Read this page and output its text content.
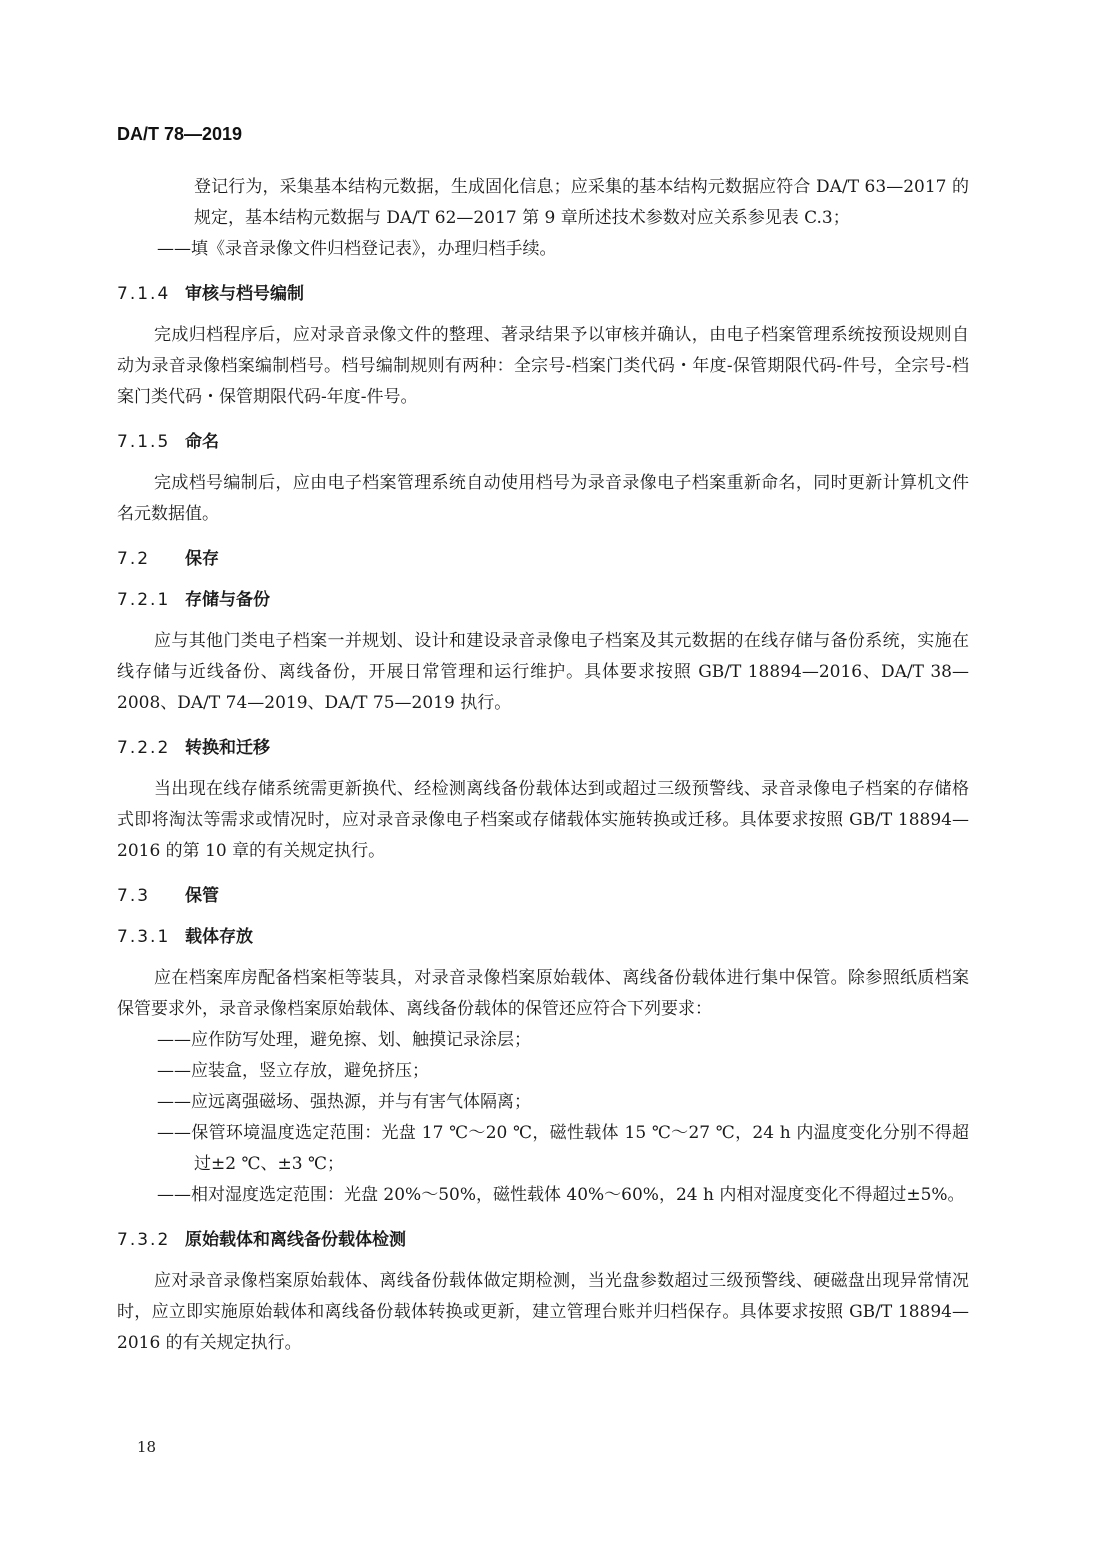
DA/T 78—2019

登记行为，采集基本结构元数据，生成固化信息；应采集的基本结构元数据应符合 DA/T 63—2017 的规定，基本结构元数据与 DA/T 62—2017 第 9 章所述技术参数对应关系参见表 C.3；

——填《录音录像文件归档登记表》，办理归档手续。

7.1.4 审核与档号编制

完成归档程序后，应对录音录像文件的整理、著录结果予以审核并确认，由电子档案管理系统按预设规则自动为录音录像档案编制档号。档号编制规则有两种：全宗号-档案门类代码・年度-保管期限代码-件号，全宗号-档案门类代码・保管期限代码-年度-件号。

7.1.5 命名

完成档号编制后，应由电子档案管理系统自动使用档号为录音录像电子档案重新命名，同时更新计算机文件名元数据值。

7.2 保存
7.2.1 存储与备份

应与其他门类电子档案一并规划、设计和建设录音录像电子档案及其元数据的在线存储与备份系统，实施在线存储与近线备份、离线备份，开展日常管理和运行维护。具体要求按照 GB/T 18894—2016、DA/T 38—2008、DA/T 74—2019、DA/T 75—2019 执行。

7.2.2 转换和迁移

当出现在线存储系统需更新换代、经检测离线备份载体达到或超过三级预警线、录音录像电子档案的存储格式即将淘汰等需求或情况时，应对录音录像电子档案或存储载体实施转换或迁移。具体要求按照 GB/T 18894—2016 的第 10 章的有关规定执行。

7.3 保管
7.3.1 载体存放

应在档案库房配备档案柜等装具，对录音录像档案原始载体、离线备份载体进行集中保管。除参照纸质档案保管要求外，录音录像档案原始载体、离线备份载体的保管还应符合下列要求：

——应作防写处理，避免擦、划、触摸记录涂层；

——应装盒，竖立存放，避免挤压；

——应远离强磁场、强热源，并与有害气体隔离；

——保管环境温度选定范围：光盘 17 ℃～20 ℃，磁性载体 15 ℃～27 ℃，24 h 内温度变化分别不得超过±2 ℃、±3 ℃；

——相对湿度选定范围：光盘 20%～50%，磁性载体 40%～60%，24 h 内相对湿度变化不得超过±5%。

7.3.2 原始载体和离线备份载体检测

应对录音录像档案原始载体、离线备份载体做定期检测，当光盘参数超过三级预警线、硬磁盘出现异常情况时，应立即实施原始载体和离线备份载体转换或更新，建立管理台账并归档保存。具体要求按照 GB/T 18894—2016 的有关规定执行。

18
